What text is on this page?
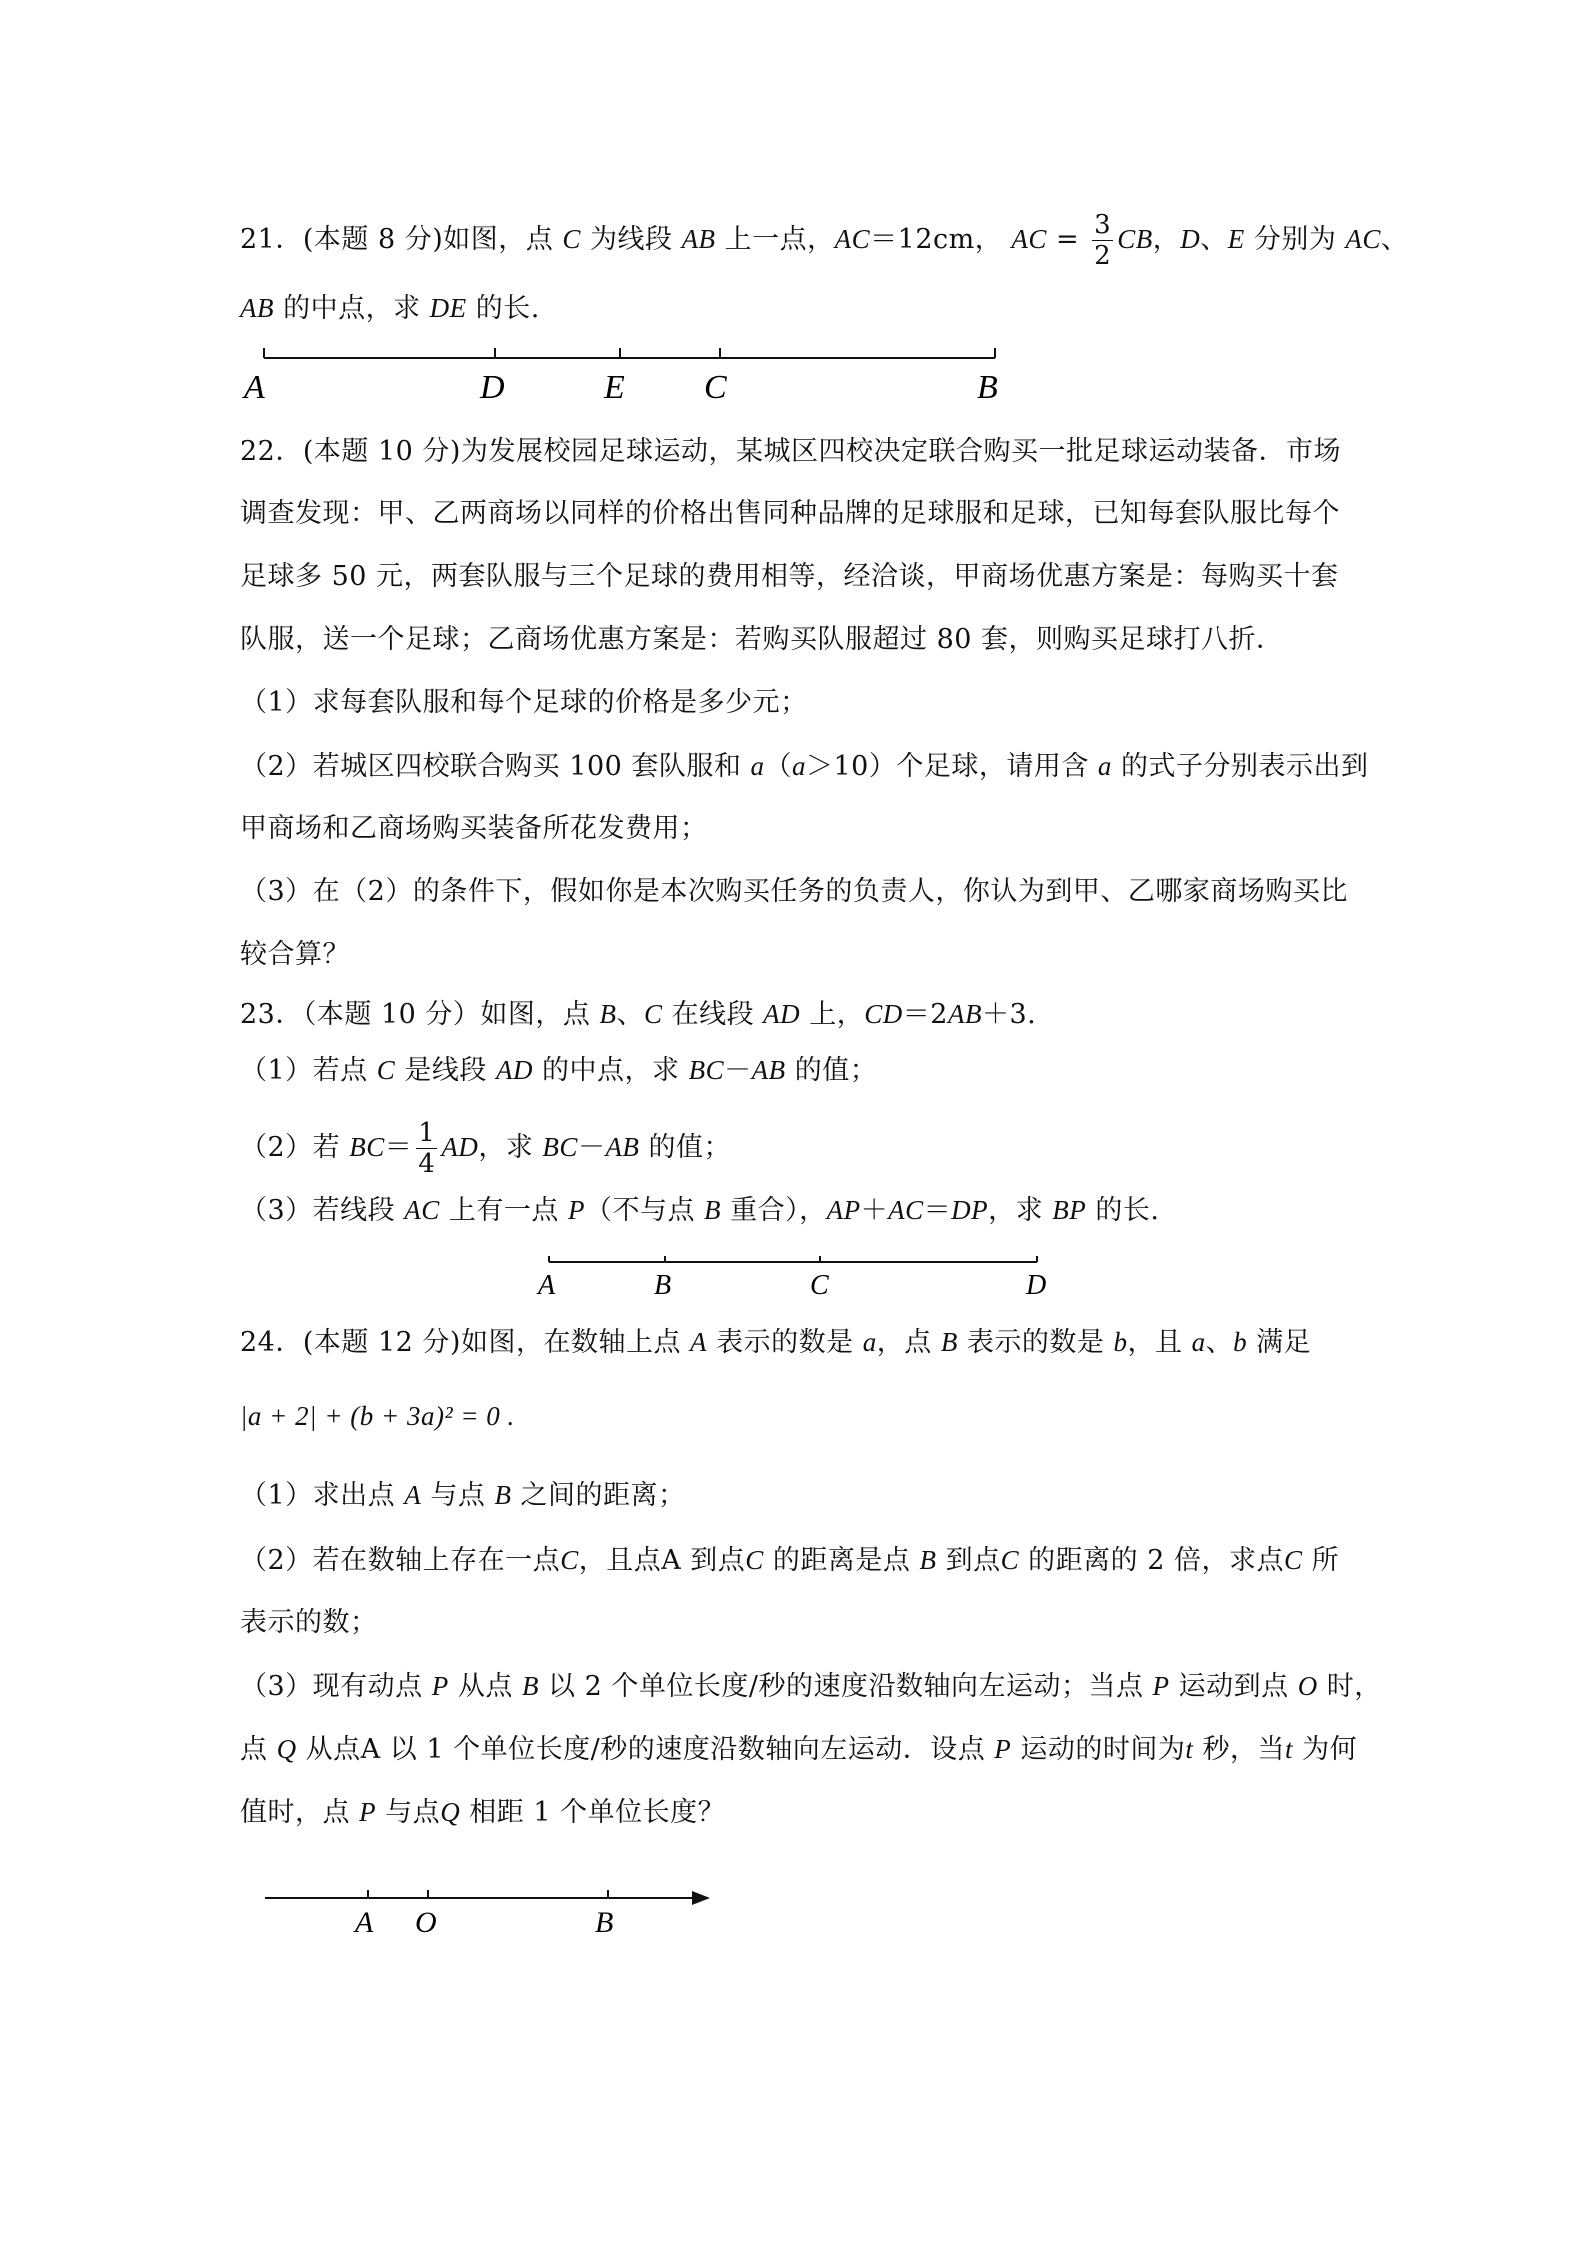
21．(本题 8 分)如图，点 C 为线段 AB 上一点，AC＝12cm， AC = $\frac{3}{2}$ CB，D、E 分别为 AC、
AB 的中点，求 DE 的长.
A	D	E C	B
22．(本题 10 分)为发展校园足球运动，某城区四校决定联合购买一批足球运动装备．市场
调查发现：甲、乙两商场以同样的价格出售同种品牌的足球服和足球，已知每套队服比每个
足球多 50 元，两套队服与三个足球的费用相等，经洽谈，甲商场优惠方案是：每购买十套
队服，送一个足球；乙商场优惠方案是：若购买队服超过 80 套，则购买足球打八折．
（1）求每套队服和每个足球的价格是多少元；
（2）若城区四校联合购买 100 套队服和 a（a＞10）个足球，请用含 a 的式子分别表示出到
甲商场和乙商场购买装备所花发费用；
（3）在（2）的条件下，假如你是本次购买任务的负责人，你认为到甲、乙哪家商场购买比
较合算？
23．（本题 10 分）如图，点 B、C 在线段 AD 上，CD＝2AB＋3.
（1）若点 C 是线段 AD 的中点，求 BC－AB 的值；
（2）若 $BC= \frac{1}{4}$ AD，求 BC－AB 的值；
（3）若线段 AC 上有一点 P（不与点 B 重合），AP＋AC＝DP，求 BP 的长.
A	B	C	D
24．(本题 12 分)如图，在数轴上点 A 表示的数是 a，点 B 表示的数是 b，且 a、b 满足
|a + 2| + (b + 3a)² = 0 .
（1）求出点 A 与点 B 之间的距离；
（2）若在数轴上存在一点C，且点A 到点C 的距离是点 B 到点C 的距离的 2 倍，求点C 所
表示的数；
（3）现有动点 P 从点 B 以 2 个单位长度/秒的速度沿数轴向左运动；当点 P 运动到点 O 时，
点 Q 从点A 以 1 个单位长度/秒的速度沿数轴向左运动．设点 P 运动的时间为t 秒，当t 为何
值时，点 P 与点Q 相距 1 个单位长度？
A O	B
